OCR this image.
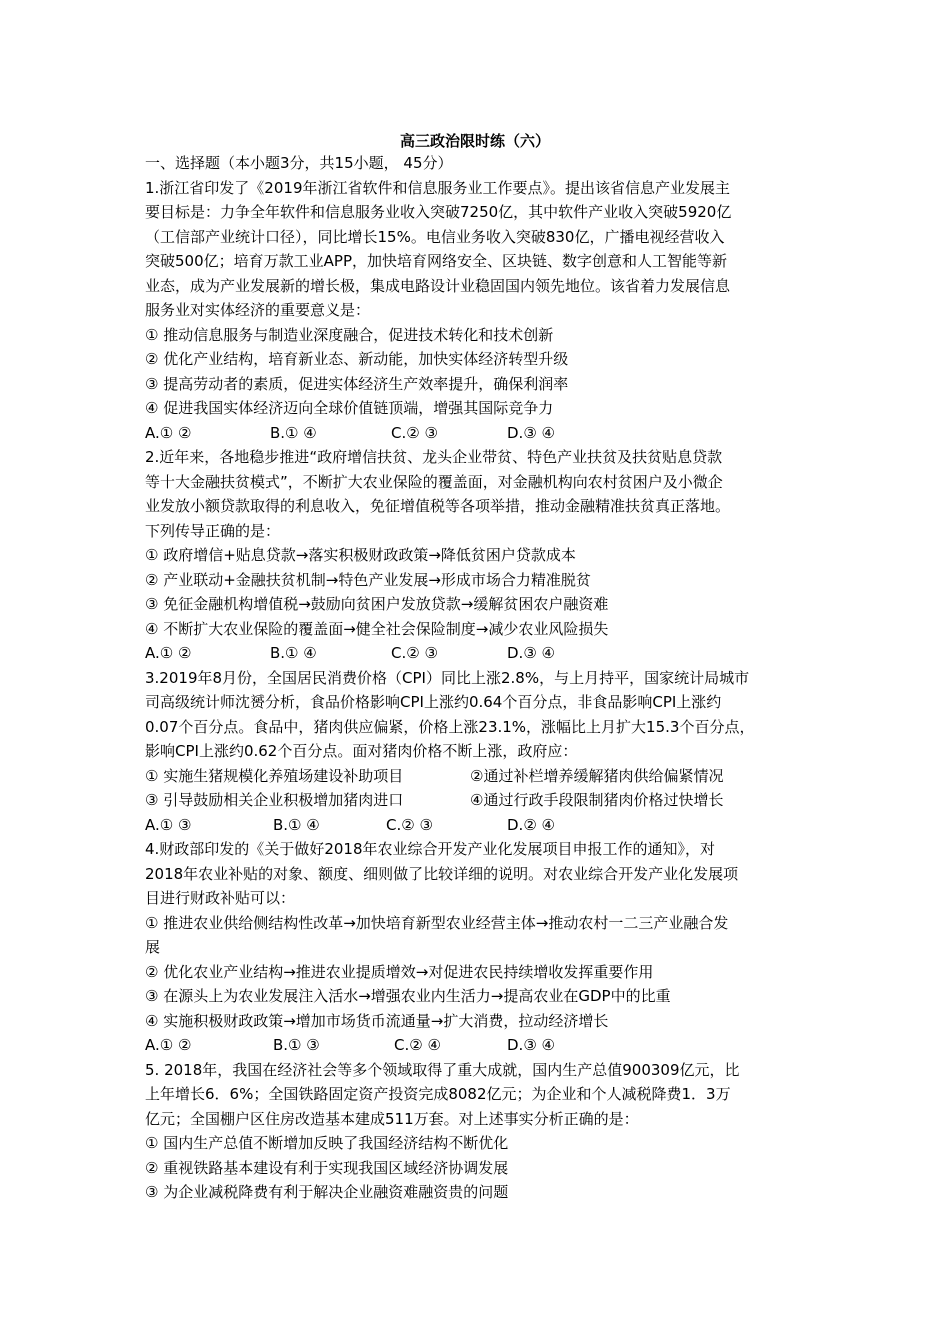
高三政治限时练（六）
一、选择题（本小题3分，共15小题， 45分）
1.浙江省印发了《2019年浙江省软件和信息服务业工作要点》。提出该省信息产业发展主
要目标是：力争全年软件和信息服务业收入突破7250亿，其中软件产业收入突破5920亿
（工信部产业统计口径），同比增长15%。电信业务收入突破830亿，广播电视经营收入
突破500亿；培育万款工业APP，加快培育网络安全、区块链、数字创意和人工智能等新
业态，成为产业发展新的增长极，集成电路设计业稳固国内领先地位。该省着力发展信息
服务业对实体经济的重要意义是：
① 推动信息服务与制造业深度融合，促进技术转化和技术创新
② 优化产业结构，培育新业态、新动能，加快实体经济转型升级
③ 提高劳动者的素质，促进实体经济生产效率提升，确保利润率
④ 促进我国实体经济迈向全球价值链顶端，增强其国际竞争力
A.① ②	B.① ④	C.② ③	D.③ ④
2.近年来，各地稳步推进“政府增信扶贫、龙头企业带贫、特色产业扶贫及扶贫贴息贷款
等十大金融扶贫模式”，不断扩大农业保险的覆盖面，对金融机构向农村贫困户及小微企
业发放小额贷款取得的利息收入，免征增值税等各项举措，推动金融精准扶贫真正落地。
下列传导正确的是：
① 政府增信+贴息贷款→落实积极财政政策→降低贫困户贷款成本
② 产业联动+金融扶贫机制→特色产业发展→形成市场合力精准脱贫
③ 免征金融机构增值税→鼓励向贫困户发放贷款→缓解贫困农户融资难
④ 不断扩大农业保险的覆盖面→健全社会保险制度→减少农业风险损失
A.① ②	B.① ④	C.② ③	D.③ ④
3.2019年8月份，全国居民消费价格（CPI）同比上涨2.8%，与上月持平，国家统计局城市
司高级统计师沈赟分析，食品价格影响CPI上涨约0.64个百分点，非食品影响CPI上涨约
0.07个百分点。食品中，猪肉供应偏紧，价格上涨23.1%，涨幅比上月扩大15.3个百分点，
影响CPI上涨约0.62个百分点。面对猪肉价格不断上涨，政府应：
① 实施生猪规模化养殖场建设补助项目	②通过补栏增养缓解猪肉供给偏紧情况
③ 引导鼓励相关企业积极增加猪肉进口	④通过行政手段限制猪肉价格过快增长
A.① ③	B.① ④	C.② ③	D.② ④
4.财政部印发的《关于做好2018年农业综合开发产业化发展项目申报工作的通知》，对
2018年农业补贴的对象、额度、细则做了比较详细的说明。对农业综合开发产业化发展项
目进行财政补贴可以：
① 推进农业供给侧结构性改革→加快培育新型农业经营主体→推动农村一二三产业融合发
展
② 优化农业产业结构→推进农业提质增效→对促进农民持续增收发挥重要作用
③ 在源头上为农业发展注入活水→增强农业内生活力→提高农业在GDP中的比重
④ 实施积极财政政策→增加市场货币流通量→扩大消费，拉动经济增长
A.① ②	B.① ③	C.② ④	D.③ ④
5. 2018年，我国在经济社会等多个领域取得了重大成就，国内生产总值900309亿元，比
上年增长6．6%；全国铁路固定资产投资完成8082亿元；为企业和个人减税降费1．3万
亿元；全国棚户区住房改造基本建成511万套。对上述事实分析正确的是：
① 国内生产总值不断增加反映了我国经济结构不断优化
② 重视铁路基本建设有利于实现我国区域经济协调发展
③ 为企业减税降费有利于解决企业融资难融资贵的问题
